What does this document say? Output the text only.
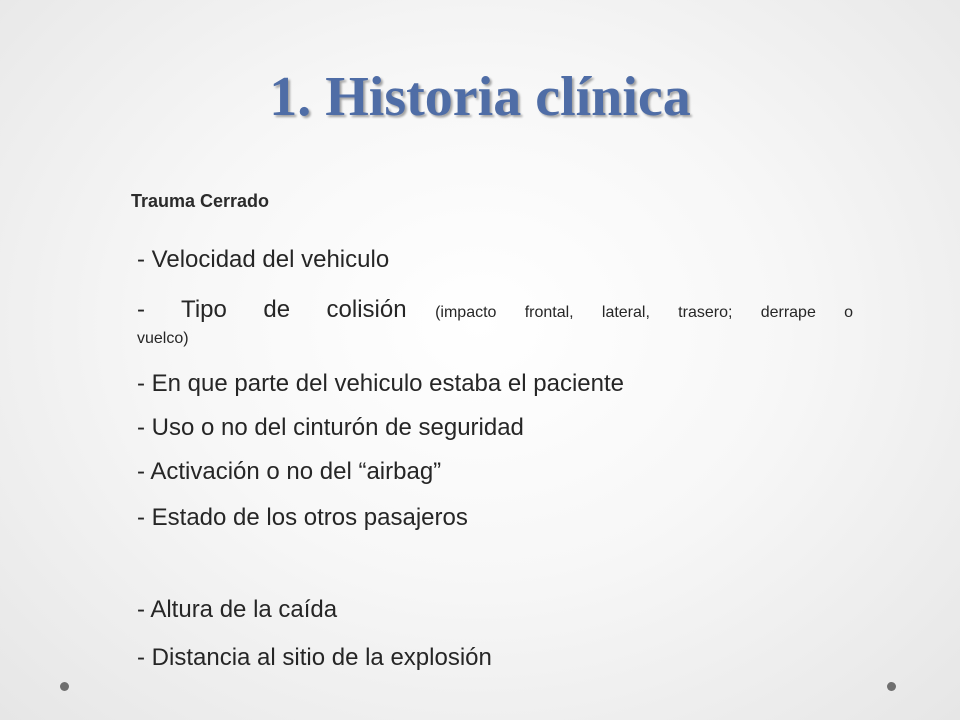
1. Historia clínica
Trauma Cerrado
- Velocidad del vehiculo
- Tipo de colisión (impacto frontal, lateral, trasero; derrape o
vuelco)
- En que parte del vehiculo estaba el paciente
- Uso o no del cinturón de seguridad
- Activación o no del “airbag”
- Estado de los otros pasajeros
- Altura de la caída
- Distancia al sitio de la explosión
